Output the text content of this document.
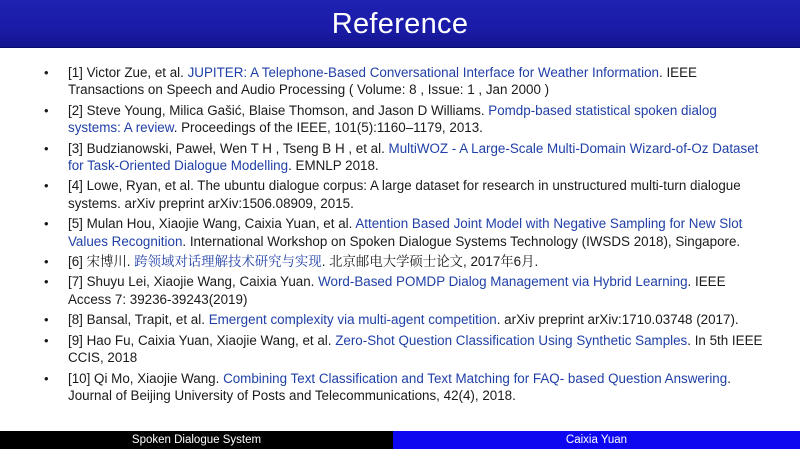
Reference
• [1] Victor Zue, et al. JUPITER: A Telephone-Based Conversational Interface for Weather Information. IEEE Transactions on Speech and Audio Processing ( Volume: 8 , Issue: 1 , Jan 2000 )
• [2] Steve Young, Milica Gašić, Blaise Thomson, and Jason D Williams. Pomdp-based statistical spoken dialog systems: A review. Proceedings of the IEEE, 101(5):1160–1179, 2013.
• [3] Budzianowski, Paweł, Wen T H , Tseng B H , et al. MultiWOZ - A Large-Scale Multi-Domain Wizard-of-Oz Dataset for Task-Oriented Dialogue Modelling. EMNLP 2018.
• [4] Lowe, Ryan, et al. The ubuntu dialogue corpus: A large dataset for research in unstructured multi-turn dialogue systems. arXiv preprint arXiv:1506.08909, 2015.
• [5] Mulan Hou, Xiaojie Wang, Caixia Yuan, et al. Attention Based Joint Model with Negative Sampling for New Slot Values Recognition. International Workshop on Spoken Dialogue Systems Technology (IWSDS 2018), Singapore.
• [6] 宋博川. 跨领域对话理解技术研究与实现. 北京邮电大学硕士论文, 2017年6月.
• [7] Shuyu Lei, Xiaojie Wang, Caixia Yuan. Word-Based POMDP Dialog Management via Hybrid Learning. IEEE Access 7: 39236-39243(2019)
• [8] Bansal, Trapit, et al. Emergent complexity via multi-agent competition. arXiv preprint arXiv:1710.03748 (2017).
• [9] Hao Fu, Caixia Yuan, Xiaojie Wang, et al. Zero-Shot Question Classification Using Synthetic Samples. In 5th IEEE CCIS, 2018
• [10] Qi Mo, Xiaojie Wang. Combining Text Classification and Text Matching for FAQ- based Question Answering. Journal of Beijing University of Posts and Telecommunications, 42(4), 2018.
Spoken Dialogue System	Caixia Yuan
